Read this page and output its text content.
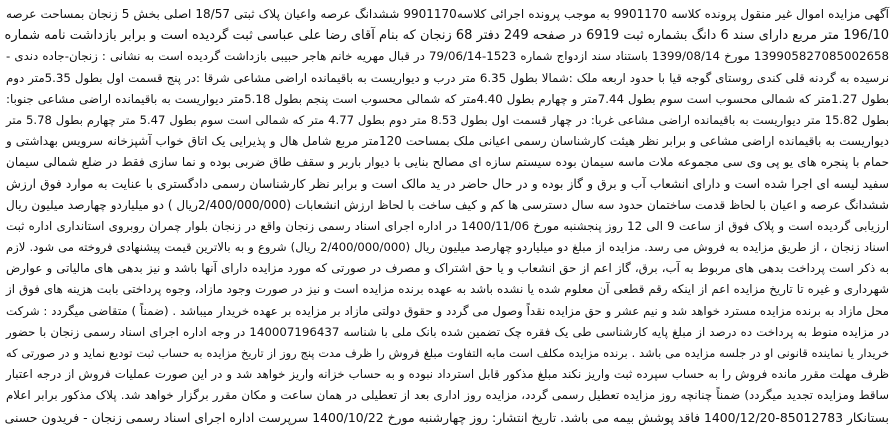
آگهی مزایده اموال غیر منقول پرونده کلاسه 9901170 به موجب پرونده اجرائی کلاسه9901170 ششدانگ عرصه واعیان پلاک ثبتی 18/57 اصلی بخش 5 زنجان بمساحت عرصه
196/10 متر مربع دارای سند 6 دانگ بشماره ثبت 6919 در صفحه 249 دفتر 68 زنجان که بنام آقای رضا علی عباسی ثبت گردیده است و برابر بازداشت نامه شماره
139905827085002658 مورخ 1399/08/14 باستناد سند ازدواج شماره 1523-79/06/14 در قبال مهریه خانم هاجر حبیبی بازداشت گردیده است به نشانی : زنجان-جاده دندی -
نرسیده به گردنه قلی کندی روستای گوجه قیا با حدود اربعه ملک :شمالا بطول 6.35 متر درب و دیواریست به باقیمانده اراضی مشاعی شرقا :در پنج قسمت اول بطول 5.35متر دوم
بطول 1.27متر که شمالی محسوب است سوم بطول 7.44متر و چهارم بطول 4.40متر که شمالی محسوب است پنجم بطول 5.18متر دیواریست به باقیمانده اراضی مشاعی جنوبا:
بطول 15.82 متر دیواریست به باقیمانده اراضی مشاعی غربا: در چهار قسمت اول بطول 8.53 متر دوم بطول 4.77 متر که شمالی است سوم بطول 5.47 متر چهارم بطول 5.78 متر
دیواریست به باقیمانده اراضی مشاعی و برابر نظر هیئت کارشناسان رسمی اعیانی ملک بمساحت 120متر مربع شامل هال و پذیرایی یک اتاق خواب آشپزخانه سرویس بهداشتی و
حمام با پنجره های یو پی وی سی مجموعه ملات ماسه سیمان بوده سیستم سازه ای مصالح بنایی با دیوار باربر و سقف طاق ضربی بوده و نما سازی فقط در ضلع شمالی سیمان
سفید لیسه ای اجرا شده است و دارای انشعاب آب و برق و گاز بوده و در حال حاضر در ید مالک است و برابر نظر کارشناسان رسمی دادگستری با عنایت به موارد فوق ارزش
ششدانگ عرصه و اعیان با لحاظ قدمت ساختمان حدود سه سال دسترسی ها کم و کیف ساخت با لحاظ ارزش انشعابات (2/400/000/000ریال ) دو میلیاردو چهارصد میلیون ریال
ارزیابی گردیده است و پلاک فوق از ساعت 9 الی 12 روز پنجشنبه مورخ 1400/11/06 در اداره اجرای اسناد رسمی زنجان واقع در زنجان بلوار چمران روبروی استانداری اداره ثبت
اسناد زنجان ، از طریق مزایده به فروش می رسد. مزایده از مبلغ دو میلیاردو چهارصد میلیون ریال (2/400/000/000 ریال) شروع و به بالاترین قیمت پیشنهادی فروخته می شود. لازم
به ذکر است پرداخت بدهی های مربوط به آب، برق، گاز اعم از حق انشعاب و یا حق اشتراک و مصرف در صورتی که مورد مزایده دارای آنها باشد و نیز بدهی های مالیاتی و عوارض
شهرداری و غیره تا تاریخ مزایده اعم از اینکه رقم قطعی آن معلوم شده یا نشده باشد به عهده برنده مزایده است و نیز در صورت وجود مازاد، وجوه پرداختی بابت هزینه های فوق از
محل مازاد به برنده مزایده مسترد خواهد شد و نیم عشر و حق مزایده نقداً وصول می گردد و حقوق دولتی مازاد بر مزایده بر عهده خریدار میباشد . (ضمناً ) متقاضی میگردد : شرکت
در مزایده منوط به پرداخت ده درصد از مبلغ پایه کارشناسی طی یک فقره چک تضمین شده بانک ملی با شناسه 140007196437 در وجه اداره اجرای اسناد رسمی زنجان با حضور
خریدار یا نماینده قانونی او در جلسه مزایده می باشد . برنده مزایده مکلف است مابه التفاوت مبلغ فروش را ظرف مدت پنج روز از تاریخ مزایده به حساب ثبت تودیع نماید و در صورتی که
ظرف مهلت مقرر مانده فروش را به حساب سپرده ثبت واریز نکند مبلغ مذکور قابل استرداد نبوده و به حساب خزانه واریز خواهد شد و در این صورت عملیات فروش از درجه اعتبار
ساقط ومزایده تجدید میگردد) ضمناً چنانچه روز مزایده تعطیل رسمی گردد، مزایده روز اداری بعد از تعطیلی در همان ساعت و مکان مقرر برگزار خواهد شد. پلاک مذکور برابر اعلام
بستانکار 85012783-1400/12/20 فاقد پوشش بیمه می باشد. تاریخ انتشار: روز چهارشنبه مورخ 1400/10/22 سرپرست اداره اجرای اسناد رسمی زنجان - فریدون حسنی
